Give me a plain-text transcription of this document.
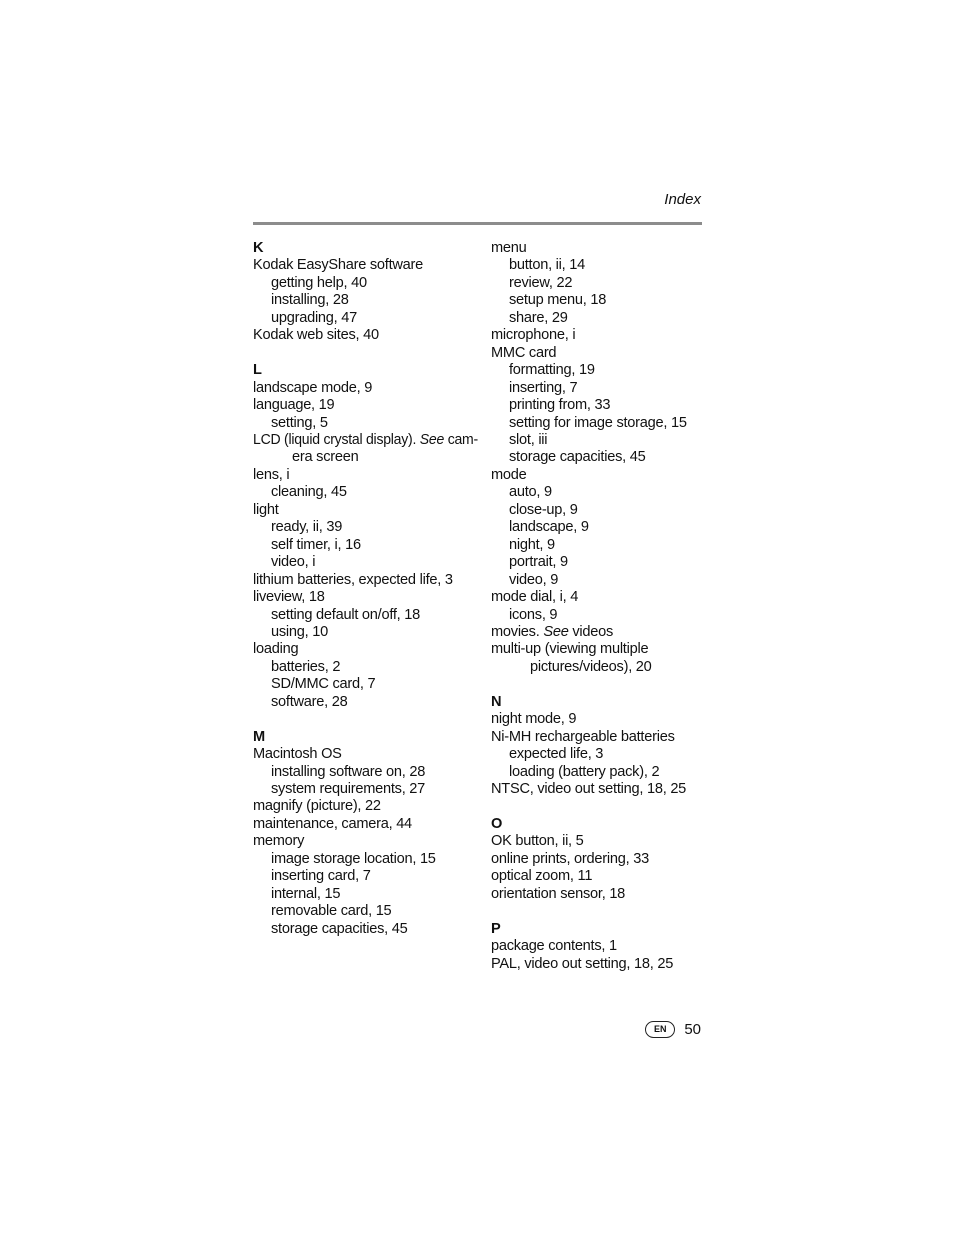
Index
K
Kodak EasyShare software
getting help, 40
installing, 28
upgrading, 47
Kodak web sites, 40
L
landscape mode, 9
language, 19
setting, 5
LCD (liquid crystal display). See cam-
era screen
lens, i
cleaning, 45
light
ready, ii, 39
self timer, i, 16
video, i
lithium batteries, expected life, 3
liveview, 18
setting default on/off, 18
using, 10
loading
batteries, 2
SD/MMC card, 7
software, 28
M
Macintosh OS
installing software on, 28
system requirements, 27
magnify (picture), 22
maintenance, camera, 44
memory
image storage location, 15
inserting card, 7
internal, 15
removable card, 15
storage capacities, 45
menu
button, ii, 14
review, 22
setup menu, 18
share, 29
microphone, i
MMC card
formatting, 19
inserting, 7
printing from, 33
setting for image storage, 15
slot, iii
storage capacities, 45
mode
auto, 9
close-up, 9
landscape, 9
night, 9
portrait, 9
video, 9
mode dial, i, 4
icons, 9
movies. See videos
multi-up (viewing multiple
pictures/videos), 20
N
night mode, 9
Ni-MH rechargeable batteries
expected life, 3
loading (battery pack), 2
NTSC, video out setting, 18, 25
O
OK button, ii, 5
online prints, ordering, 33
optical zoom, 11
orientation sensor, 18
P
package contents, 1
PAL, video out setting, 18, 25
EN	50
